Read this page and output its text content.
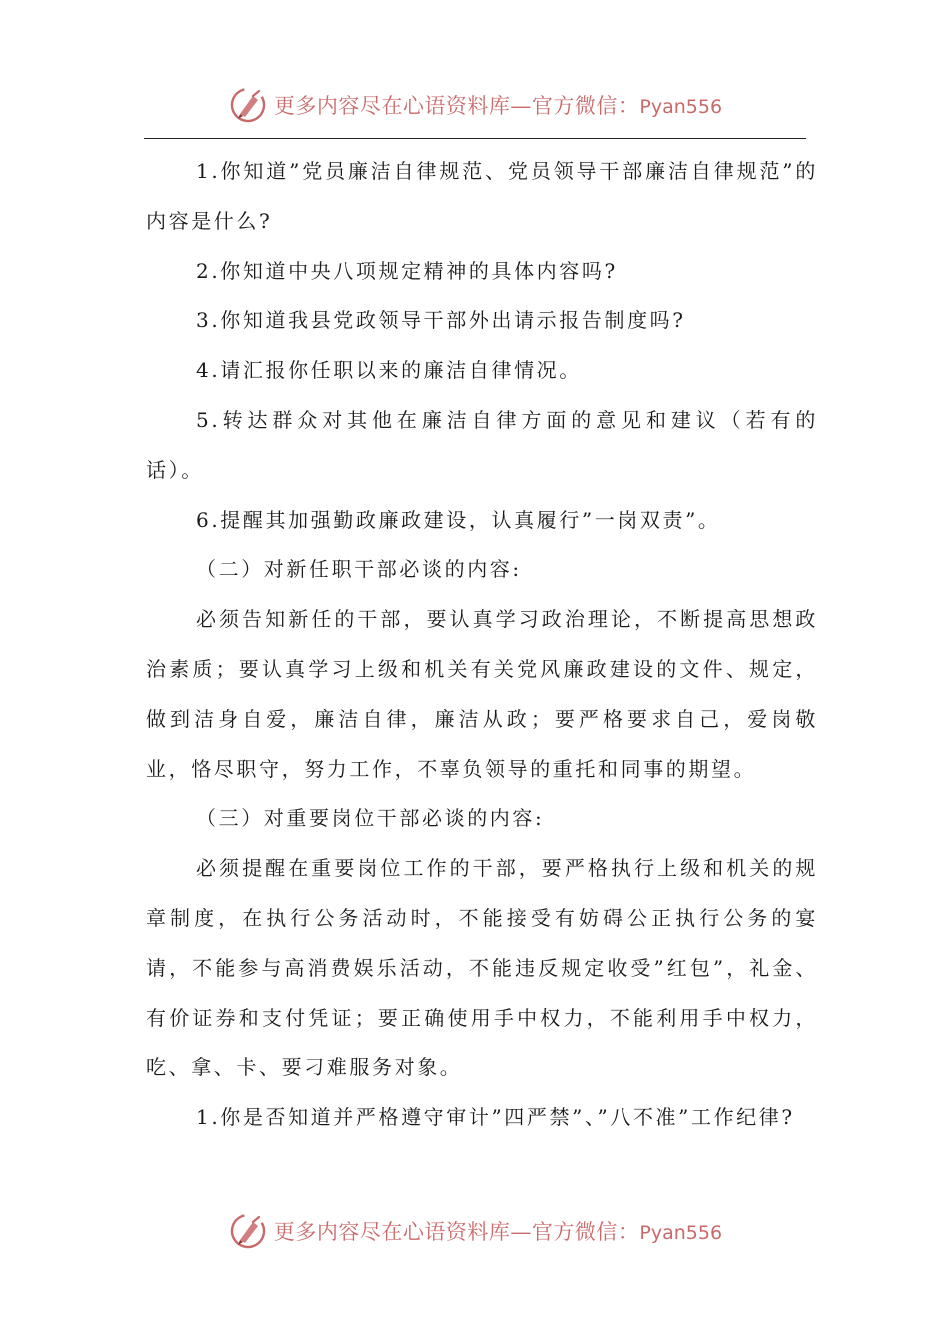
更多内容尽在心语资料库—官方微信：Pyan556

1.你知道”党员廉洁自律规范、党员领导干部廉洁自律规范”的内容是什么?

2.你知道中央八项规定精神的具体内容吗?

3.你知道我县党政领导干部外出请示报告制度吗?

4.请汇报你任职以来的廉洁自律情况。

5.转达群众对其他在廉洁自律方面的意见和建议（若有的话）。

6.提醒其加强勤政廉政建设，认真履行”一岗双责”。

（二）对新任职干部必谈的内容:

必须告知新任的干部，要认真学习政治理论，不断提高思想政治素质；要认真学习上级和机关有关党风廉政建设的文件、规定，做到洁身自爱，廉洁自律，廉洁从政；要严格要求自己，爱岗敬业，恪尽职守，努力工作，不辜负领导的重托和同事的期望。

（三）对重要岗位干部必谈的内容:

必须提醒在重要岗位工作的干部，要严格执行上级和机关的规章制度，在执行公务活动时，不能接受有妨碍公正执行公务的宴请，不能参与高消费娱乐活动，不能违反规定收受”红包”，礼金、有价证券和支付凭证；要正确使用手中权力，不能利用手中权力，吃、拿、卡、要刁难服务对象。

1.你是否知道并严格遵守审计”四严禁”、”八不准”工作纪律?

更多内容尽在心语资料库—官方微信：Pyan556
